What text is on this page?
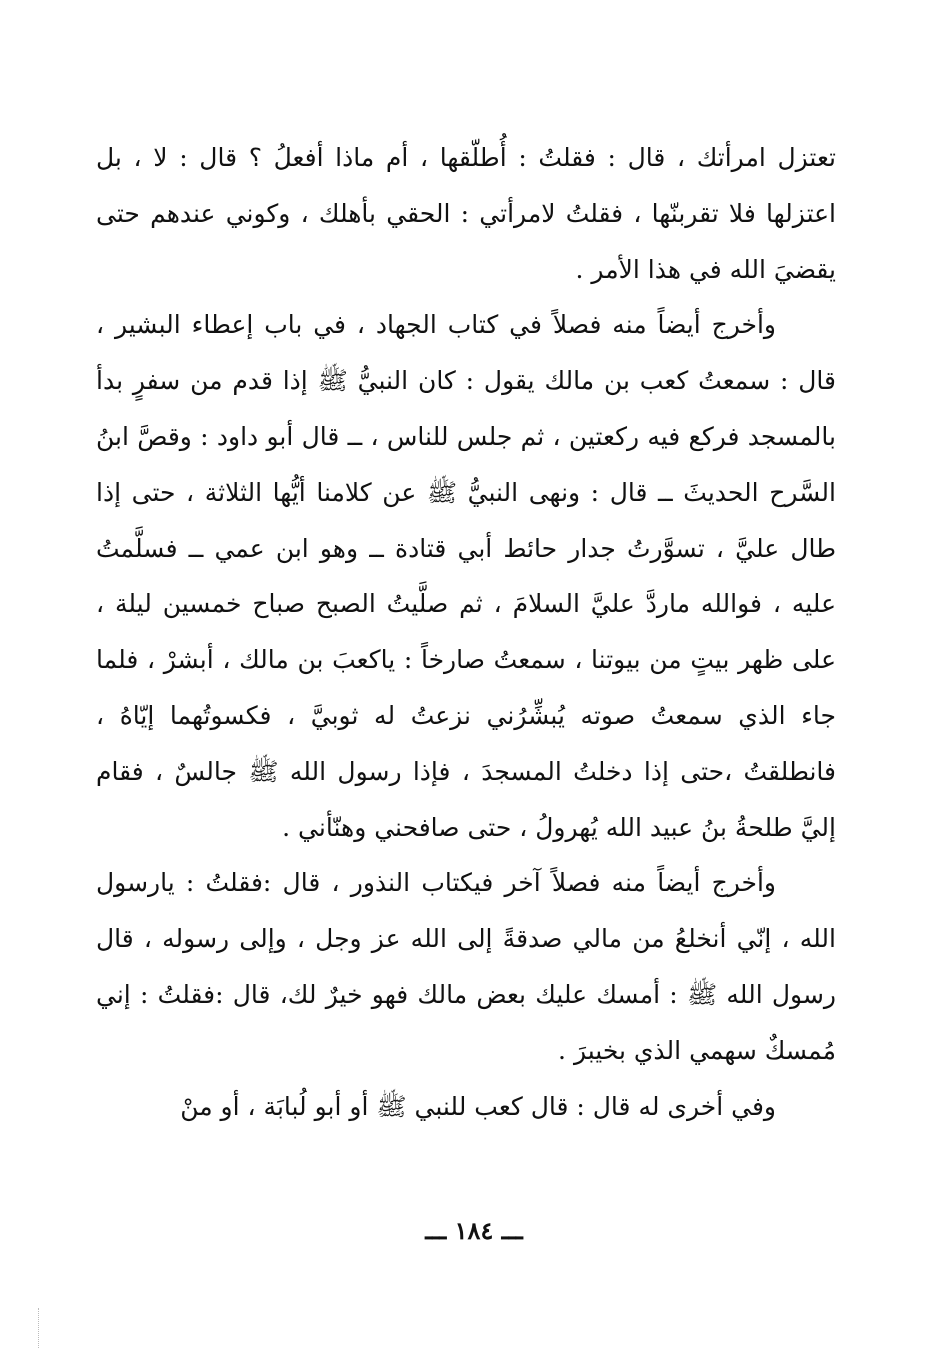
تعتزل امرأتك ، قال : فقلتُ : أُطلّقها ، أم ماذا أفعلُ ؟ قال : لا ، بل اعتزلها فلا تقربنّها ، فقلتُ لامرأتي : الحقي بأهلك ، وكوني عندهم حتى يقضيَ الله في هذا الأمر .

وأخرج أيضاً منه فصلاً في كتاب الجهاد ، في باب إعطاء البشير ، قال : سمعتُ كعب بن مالك يقول : كان النبيُّ ﷺ إذا قدم من سفرٍ بدأ بالمسجد فركع فيه ركعتين ، ثم جلس للناس ، ــ قال أبو داود : وقصَّ ابنُ السَّرح الحديثَ ــ قال : ونهى النبيُّ ﷺ عن كلامنا أيُّها الثلاثة ، حتى إذا طال عليَّ ، تسوَّرتُ جدار حائط أبي قتادة ــ وهو ابن عمي ــ فسلَّمتُ عليه ، فوالله ماردَّ عليَّ السلامَ ، ثم صلَّيتُ الصبح صباح خمسين ليلة ، على ظهر بيتٍ من بيوتنا ، سمعتُ صارخاً : ياكعبَ بن مالك ، أبشرْ ، فلما جاء الذي سمعتُ صوته يُبشِّرُني نزعتُ له ثوبيَّ ، فكسوتُهما إيّاهُ ، فانطلقتُ ،حتى إذا دخلتُ المسجدَ ، فإذا رسول الله ﷺ جالسٌ ، فقام إليَّ طلحةُ بنُ عبيد الله يُهرولُ ، حتى صافحني وهنّأني .

وأخرج أيضاً منه فصلاً آخر فيكتاب النذور ، قال :فقلتُ : يارسول الله ، إنّي أنخلعُ من مالي صدقةً إلى الله عز وجل ، وإلى رسوله ، قال رسول الله ﷺ : أمسك عليك بعض مالك فهو خيرٌ لك، قال :فقلتُ : إني مُمسكٌ سهمي الذي بخيبرَ .

وفي أخرى له قال : قال كعب للنبي ﷺ أو أبو لُبابَة ، أو منْ

ـــ ١٨٤ ـــ
